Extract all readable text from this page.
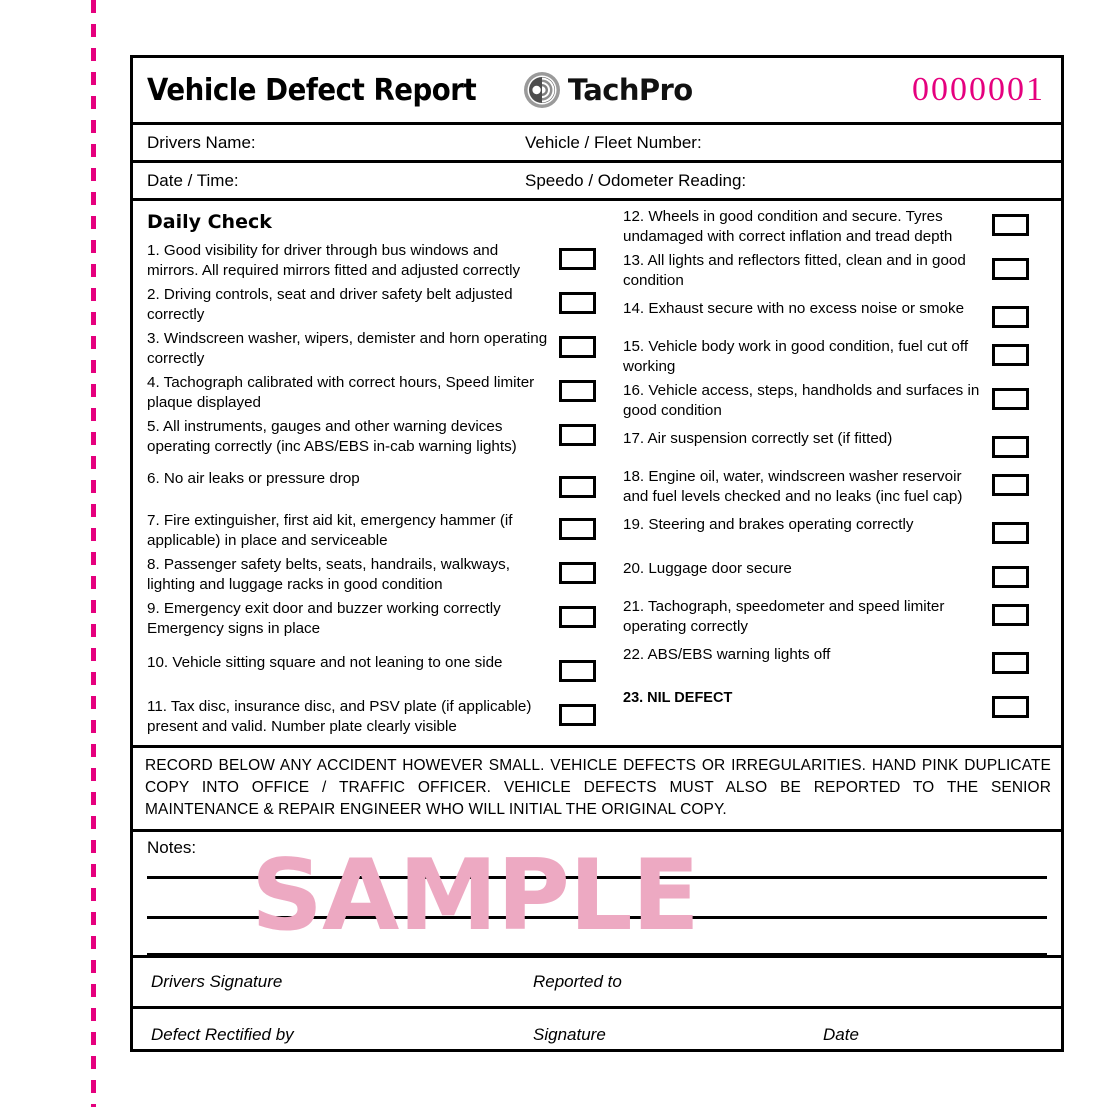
Vehicle Defect Report	TachPro	0000001
Drivers Name:	Vehicle / Fleet Number:
Date / Time:	Speedo / Odometer Reading:
Daily Check
1. Good visibility for driver through bus windows and mirrors. All required mirrors fitted and adjusted correctly
2. Driving controls, seat and driver safety belt adjusted correctly
3. Windscreen washer, wipers, demister and horn operating correctly
4. Tachograph calibrated with correct hours, Speed limiter plaque displayed
5. All instruments, gauges and other warning devices operating correctly (inc ABS/EBS in-cab warning lights)
6. No air leaks or pressure drop
7. Fire extinguisher, first aid kit, emergency hammer (if applicable) in place and serviceable
8. Passenger safety belts, seats, handrails, walkways, lighting and luggage racks in good condition
9. Emergency exit door and buzzer working correctly Emergency signs in place
10. Vehicle sitting square and not leaning to one side
11. Tax disc, insurance disc, and PSV plate (if applicable) present and valid. Number plate clearly visible
12. Wheels in good condition and secure. Tyres undamaged with correct inflation and tread depth
13. All lights and reflectors fitted, clean and in good condition
14. Exhaust secure with no excess noise or smoke
15. Vehicle body work in good condition, fuel cut off working
16. Vehicle access, steps, handholds and surfaces in good condition
17. Air suspension correctly set (if fitted)
18. Engine oil, water, windscreen washer reservoir and fuel levels checked and no leaks (inc fuel cap)
19. Steering and brakes operating correctly
20. Luggage door secure
21. Tachograph, speedometer and speed limiter operating correctly
22. ABS/EBS warning lights off
23. NIL DEFECT
RECORD BELOW ANY ACCIDENT HOWEVER SMALL. VEHICLE DEFECTS OR IRREGULARITIES. HAND PINK DUPLICATE COPY INTO OFFICE / TRAFFIC OFFICER. VEHICLE DEFECTS MUST ALSO BE REPORTED TO THE SENIOR MAINTENANCE & REPAIR ENGINEER WHO WILL INITIAL THE ORIGINAL COPY.
Notes: SAMPLE
Drivers Signature	Reported to
Defect Rectified by	Signature	Date
